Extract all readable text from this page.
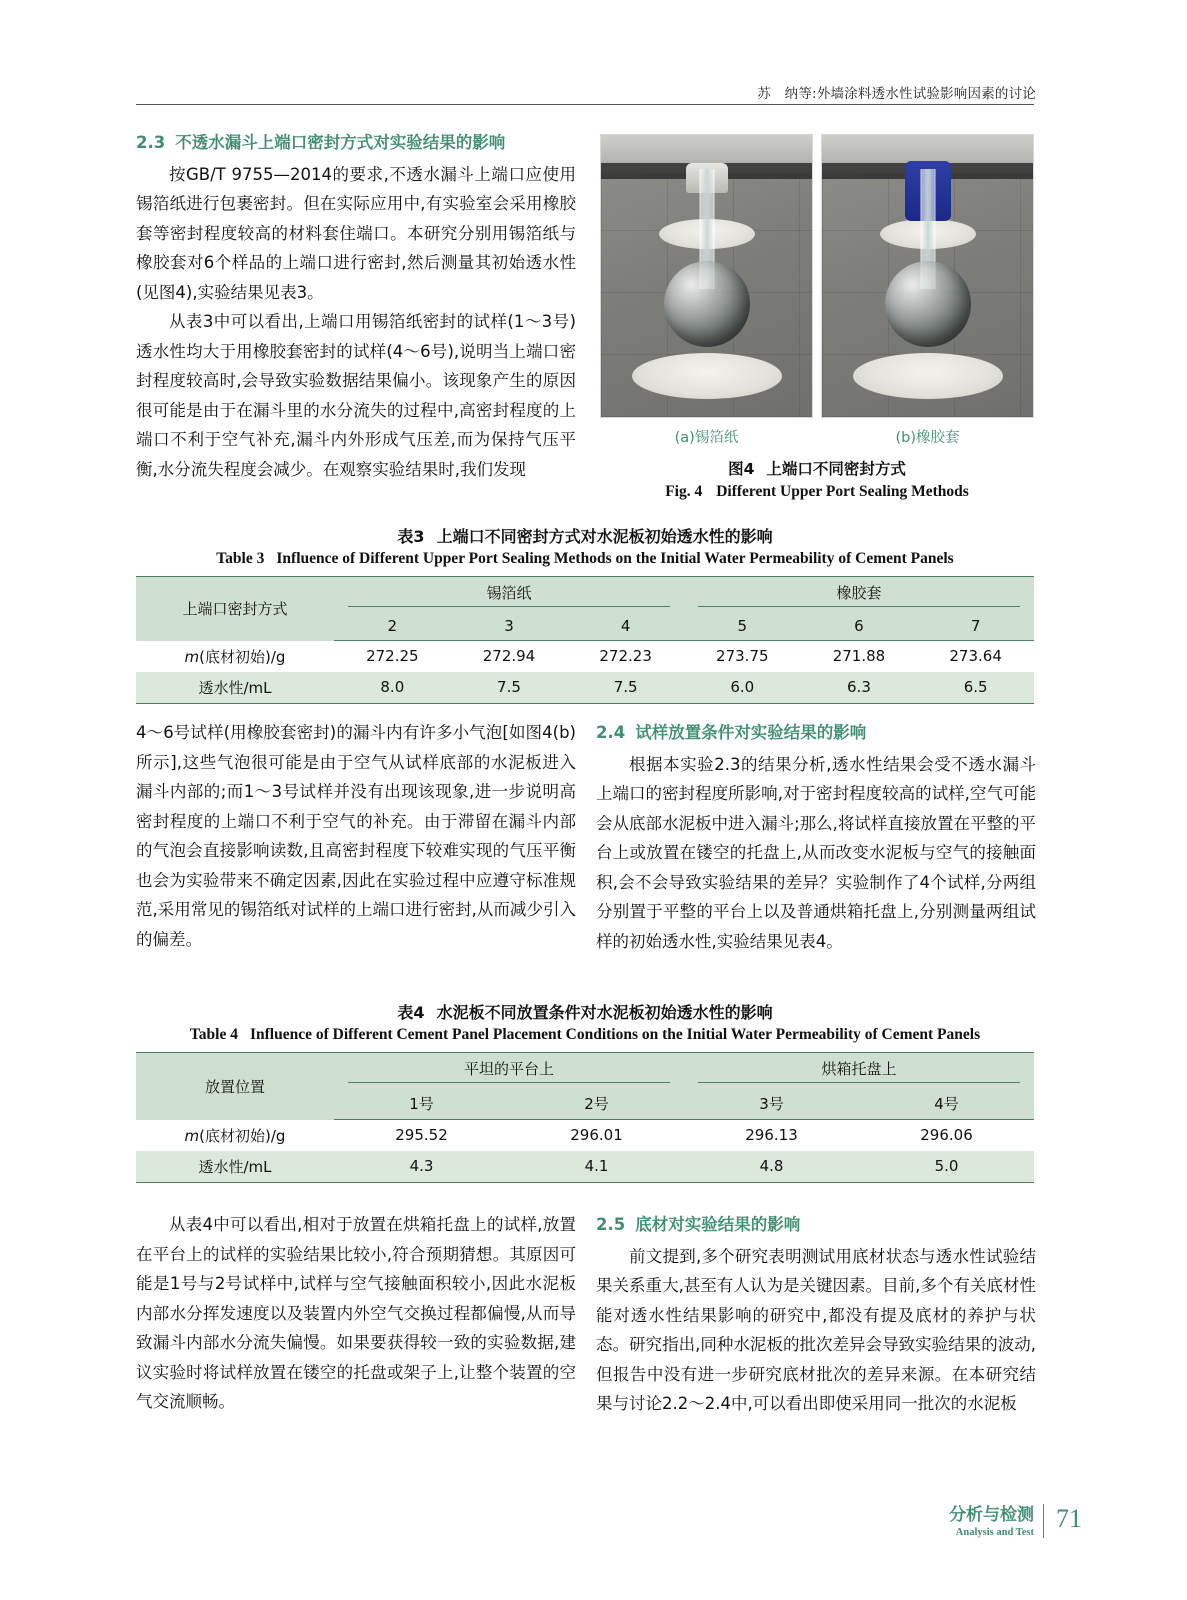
苏　纳等:外墙涂料透水性试验影响因素的讨论
2.3 不透水漏斗上端口密封方式对实验结果的影响

按GB/T 9755—2014的要求,不透水漏斗上端口应使用锡箔纸进行包裹密封。但在实际应用中,有实验室会采用橡胶套等密封程度较高的材料套住端口。本研究分别用锡箔纸与橡胶套对6个样品的上端口进行密封,然后测量其初始透水性(见图4),实验结果见表3。

从表3中可以看出,上端口用锡箔纸密封的试样(1～3号)透水性均大于用橡胶套密封的试样(4～6号),说明当上端口密封程度较高时,会导致实验数据结果偏小。该现象产生的原因很可能是由于在漏斗里的水分流失的过程中,高密封程度的上端口不利于空气补充,漏斗内外形成气压差,而为保持气压平衡,水分流失程度会减少。在观察实验结果时,我们发现

(a)锡箔纸	(b)橡胶套
图4 上端口不同密封方式
Fig. 4 Different Upper Port Sealing Methods
表3 上端口不同密封方式对水泥板初始透水性的影响
Table 3 Influence of Different Upper Port Sealing Methods on the Initial Water Permeability of Cement Panels
上端口密封方式	锡箔纸			橡胶套		

	2	3	4	5	6	7
m(底材初始)/g	272.25	272.94	272.23	273.75	271.88	273.64
透水性/mL	8.0	7.5	7.5	6.0	6.3	6.5

4～6号试样(用橡胶套密封)的漏斗内有许多小气泡[如图4(b)所示],这些气泡很可能是由于空气从试样底部的水泥板进入漏斗内部的;而1～3号试样并没有出现该现象,进一步说明高密封程度的上端口不利于空气的补充。由于滞留在漏斗内部的气泡会直接影响读数,且高密封程度下较难实现的气压平衡也会为实验带来不确定因素,因此在实验过程中应遵守标准规范,采用常见的锡箔纸对试样的上端口进行密封,从而减少引入的偏差。

2.4 试样放置条件对实验结果的影响

根据本实验2.3的结果分析,透水性结果会受不透水漏斗上端口的密封程度所影响,对于密封程度较高的试样,空气可能会从底部水泥板中进入漏斗;那么,将试样直接放置在平整的平台上或放置在镂空的托盘上,从而改变水泥板与空气的接触面积,会不会导致实验结果的差异？实验制作了4个试样,分两组分别置于平整的平台上以及普通烘箱托盘上,分别测量两组试样的初始透水性,实验结果见表4。

表4 水泥板不同放置条件对水泥板初始透水性的影响
Table 4 Influence of Different Cement Panel Placement Conditions on the Initial Water Permeability of Cement Panels
放置位置	平坦的平台上		烘箱托盘上	

	1号	2号	3号	4号
m(底材初始)/g	295.52	296.01	296.13	296.06
透水性/mL	4.3	4.1	4.8	5.0

从表4中可以看出,相对于放置在烘箱托盘上的试样,放置在平台上的试样的实验结果比较小,符合预期猜想。其原因可能是1号与2号试样中,试样与空气接触面积较小,因此水泥板内部水分挥发速度以及装置内外空气交换过程都偏慢,从而导致漏斗内部水分流失偏慢。如果要获得较一致的实验数据,建议实验时将试样放置在镂空的托盘或架子上,让整个装置的空气交流顺畅。

2.5 底材对实验结果的影响

前文提到,多个研究表明测试用底材状态与透水性试验结果关系重大,甚至有人认为是关键因素。目前,多个有关底材性能对透水性结果影响的研究中,都没有提及底材的养护与状态。研究指出,同种水泥板的批次差异会导致实验结果的波动,但报告中没有进一步研究底材批次的差异来源。在本研究结果与讨论2.2～2.4中,可以看出即使采用同一批次的水泥板

分析与检测
Analysis and Test 71
